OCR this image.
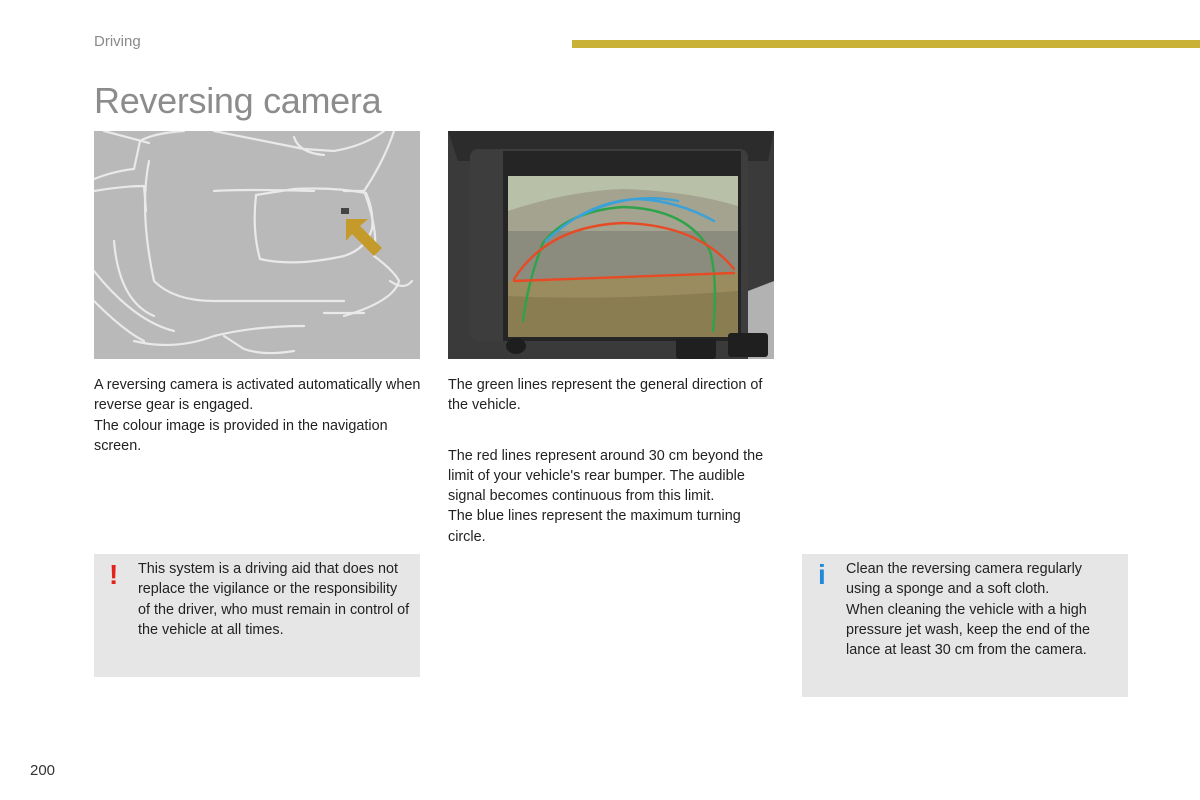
Driving
Reversing camera

A reversing camera is activated automatically when reverse gear is engaged.

The colour image is provided in the navigation screen.

The green lines represent the general direction of the vehicle.

The red lines represent around 30 cm beyond the limit of your vehicle's rear bumper. The audible signal becomes continuous from this limit.

The blue lines represent the maximum turning circle.

! This system is a driving aid that does not replace the vigilance or the responsibility of the driver, who must remain in control of the vehicle at all times.

i Clean the reversing camera regularly using a sponge and a soft cloth.

When cleaning the vehicle with a high pressure jet wash, keep the end of the lance at least 30 cm from the camera.

200
